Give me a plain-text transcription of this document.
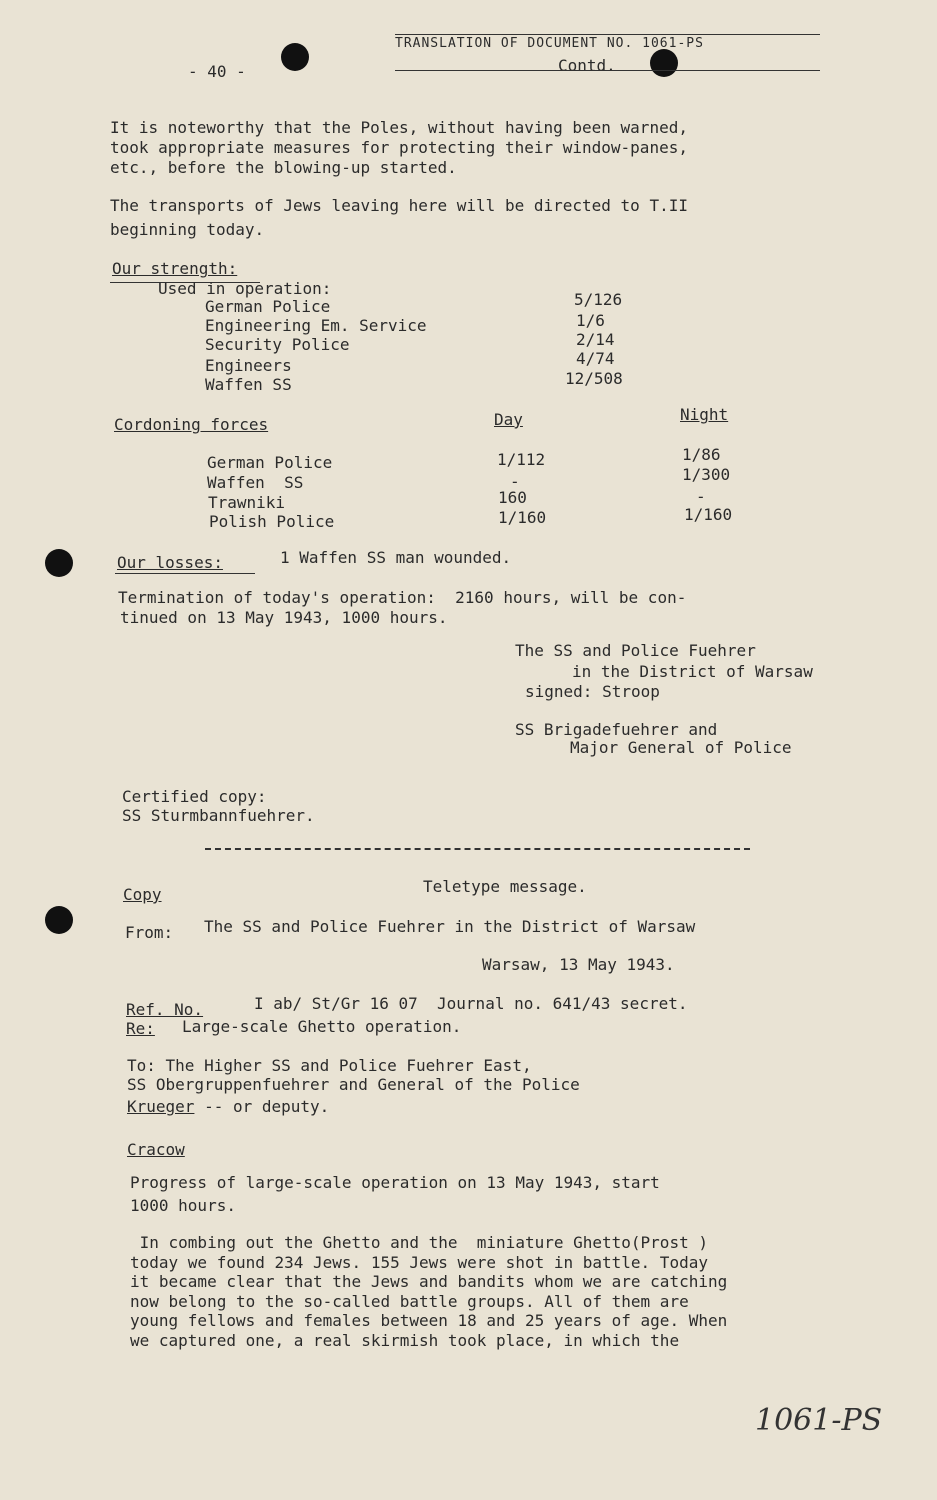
- 40 -
TRANSLATION OF DOCUMENT NO. 1061-PS
Contd.
It is noteworthy that the Poles, without having been warned,
took appropriate measures for protecting their window-panes,
etc., before the blowing-up started.
The transports of Jews leaving here will be directed to T.II
beginning today.
Our strength:
Used in operation:
German Police	5/126
Engineering Em. Service	1/6
Security Police	2/14
Engineers	4/74
Waffen SS	12/508
Cordoning forces	Day	Night
German Police	1/112	1/86
Waffen  SS	-	1/300
Trawniki	160	-
Polish Police	1/160	1/160
Our losses:	1 Waffen SS man wounded.
Termination of today's operation:  2160 hours, will be con-
tinued on 13 May 1943, 1000 hours.
The SS and Police Fuehrer
in the District of Warsaw
signed: Stroop
SS Brigadefuehrer and
Major General of Police
Certified copy:
SS Sturmbannfuehrer.
Copy	Teletype message.
From: The SS and Police Fuehrer in the District of Warsaw
Warsaw, 13 May 1943.
Ref. No.	I ab/ St/Gr 16 07  Journal no. 641/43 secret.
Re: Large-scale Ghetto operation.
To: The Higher SS and Police Fuehrer East,
SS Obergruppenfuehrer and General of the Police
Krueger -- or deputy.
Cracow
Progress of large-scale operation on 13 May 1943, start
1000 hours.
In combing out the Ghetto and the  miniature Ghetto(Prost )
today we found 234 Jews. 155 Jews were shot in battle. Today
it became clear that the Jews and bandits whom we are catching
now belong to the so-called battle groups. All of them are
young fellows and females between 18 and 25 years of age. When
we captured one, a real skirmish took place, in which the
1061-PS
